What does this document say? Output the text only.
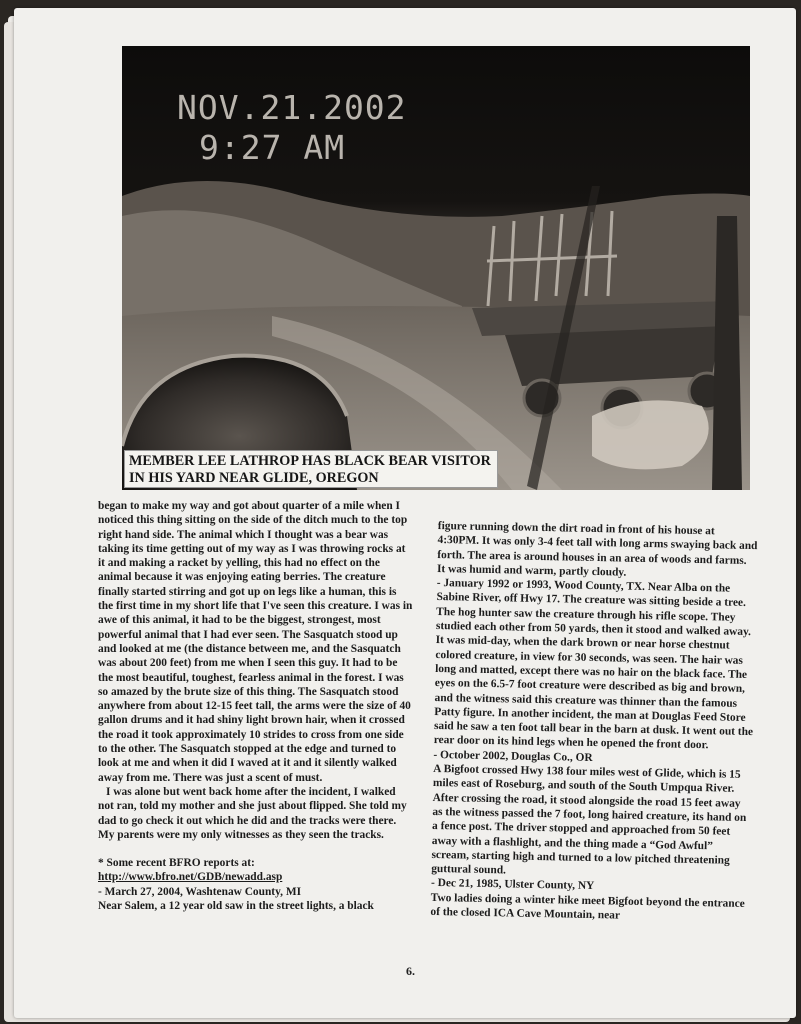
NOV.21.2002
9:27 AM
MEMBER LEE LATHROP HAS BLACK BEAR VISITOR
IN HIS YARD NEAR GLIDE, OREGON

began to make my way and got about quarter of a mile when I noticed this thing sitting on the side of the ditch much to the top right hand side. The animal which I thought was a bear was taking its time getting out of my way as I was throwing rocks at it and making a racket by yelling, this had no effect on the animal because it was enjoying eating berries. The creature finally started stirring and got up on legs like a human, this is the first time in my short life that I've seen this creature. I was in awe of this animal, it had to be the biggest, strongest, most powerful animal that I had ever seen. The Sasquatch stood up and looked at me (the distance between me, and the Sasquatch was about 200 feet) from me when I seen this guy. It had to be the most beautiful, toughest, fearless animal in the forest. I was so amazed by the brute size of this thing. The Sasquatch stood anywhere from about 12-15 feet tall, the arms were the size of 40 gallon drums and it had shiny light brown hair, when it crossed the road it took approximately 10 strides to cross from one side to the other. The Sasquatch stopped at the edge and turned to look at me and when it did I waved at it and it silently walked away from me. There was just a scent of must.

I was alone but went back home after the incident, I walked not ran, told my mother and she just about flipped. She told my dad to go check it out which he did and the tracks were there. My parents were my only witnesses as they seen the tracks.

* Some recent BFRO reports at:

http://www.bfro.net/GDB/newadd.asp

- March 27, 2004, Washtenaw County, MI

Near Salem, a 12 year old saw in the street lights, a black

figure running down the dirt road in front of his house at 4:30PM. It was only 3-4 feet tall with long arms swaying back and forth. The area is around houses in an area of woods and farms. It was humid and warm, partly cloudy.

- January 1992 or 1993, Wood County, TX. Near Alba on the Sabine River, off Hwy 17. The creature was sitting beside a tree. The hog hunter saw the creature through his rifle scope. They studied each other from 50 yards, then it stood and walked away. It was mid-day, when the dark brown or near horse chestnut colored creature, in view for 30 seconds, was seen. The hair was long and matted, except there was no hair on the black face. The eyes on the 6.5-7 foot creature were described as big and brown, and the witness said this creature was thinner than the famous Patty figure. In another incident, the man at Douglas Feed Store said he saw a ten foot tall bear in the barn at dusk. It went out the rear door on its hind legs when he opened the front door.

- October 2002, Douglas Co., OR

A Bigfoot crossed Hwy 138 four miles west of Glide, which is 15 miles east of Roseburg, and south of the South Umpqua River. After crossing the road, it stood alongside the road 15 feet away as the witness passed the 7 foot, long haired creature, its hand on a fence post. The driver stopped and approached from 50 feet away with a flashlight, and the thing made a “God Awful” scream, starting high and turned to a low pitched threatening guttural sound.

- Dec 21, 1985, Ulster County, NY

Two ladies doing a winter hike meet Bigfoot beyond the entrance of the closed ICA Cave Mountain, near

6.
